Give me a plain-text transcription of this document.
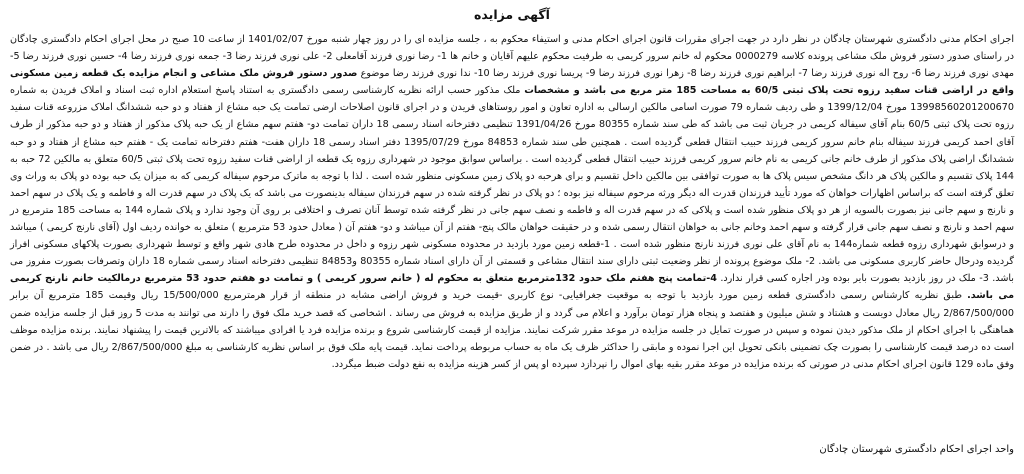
آگهی مزایده
اجرای احکام مدنی دادگستری شهرستان چادگان در نظر دارد در جهت اجرای مقررات قانون اجرای احکام مدنی و استیفاء محکوم به ، جلسه مزایده ای را در روز چهار شنبه مورخ 1401/02/07 از ساعت 10 صبح در محل اجرای احکام دادگستری چادگان در راستای صدور دستور فروش ملک مشاعی پرونده کلاسه 0000279 محکوم له خانم سرور کریمی به طرفیت محکوم علیهم آقایان و خانم ها 1- رضا نوری فرزند آقامعلی 2- علی نوری فرزند رضا 3- جمعه نوری فرزند رضا 4- حسین نوری فرزند رضا 5- مهدی نوری فرزند رضا 6- روح اله نوری فرزند رضا 7- ابراهیم نوری فرزند رضا 8- زهرا نوری فرزند رضا 9- پریسا نوری فرزند رضا 10- ندا نوری فرزند رضا موضوع صدور دستور فروش ملک مشاعی و انجام مزایده یک قطعه زمین مسکونی واقع در اراضی قنات سفید رزوه تحت پلاک ثبتی 60/5 به مساحت 185 متر مربع می باشد و مشخصات ملک مذکور حسب ارائه نظریه کارشناسی رسمی دادگستری به استناد پاسخ استعلام اداره ثبت اسناد و املاک فریدن به شماره 13998560201200670 مورخ 1399/12/04 و طی ردیف شماره 79 صورت اسامی مالکین ارسالی به اداره تعاون و امور روستاهای فریدن و در اجرای قانون اصلاحات ارضی تمامت یک حبه مشاع از هفتاد و دو حبه ششدانگ املاک مزروعه قنات سفید رزوه تحت پلاک ثبتی 60/5 بنام آقای سیفاله کریمی در جریان ثبت می باشد که طی سند شماره 80355 مورخ 1391/04/26 تنظیمی دفترخانه اسناد رسمی 18 داران تمامت دو- هفتم سهم مشاع از یک حبه پلاک مذکور از هفتاد و دو حبه مذکور از طرف آقای احمد کریمی فرزند سیفاله بنام خانم سرور کریمی فرزند حبیب انتقال قطعی گردیده است . همچنین طی سند شماره 84853 مورخ 1395/07/29 دفتر اسناد رسمی 18 داران هفت- هفتم دفترخانه تمامت یک - هفتم حبه مشاع از هفتاد و دو حبه ششدانگ اراضی پلاک مذکور از طرف خانم جانی کریمی به نام خانم سرور کریمی فرزند حبیب انتقال قطعی گردیده است . براساس سوابق موجود در شهرداری رزوه یک قطعه از اراضی قنات سفید رزوه تحت پلاک ثبتی 60/5 متعلق به مالکین 72 حبه به 144 پلاک تقسیم و مالکین پلاک هر دانگ مشخص سیس پلاک ها به صورت توافقی بین مالکین داخل تقسیم و برای هرحبه دو پلاک زمین مسکونی منظور شده است . لذا با توجه به ماترک مرحوم سیفاله کریمی که به میزان یک حبه بوده دو پلاک به وراث وی تعلق گرفته است که براساس اظهارات خواهان که مورد تأیید فرزندان قدرت اله دیگر ورثه مرحوم سیفاله نیز بوده ؛ دو پلاک در نظر گرفته شده در سهم فرزندان سیفاله بدینصورت می باشد که یک پلاک در سهم قدرت اله و فاطمه و یک پلاک در سهم احمد و نارنج و سهم جانی نیز بصورت بالسویه از هر دو پلاک منظور شده است و پلاکی که در سهم قدرت اله و فاطمه و نصف سهم جانی در نظر گرفته شده توسط آنان تصرف و اختلافی بر روی آن وجود ندارد و پلاک شماره 144 به مساحت 185 مترمربع در سهم احمد و نارنج و نصف سهم جانی قرار گرفته و سهم احمد وخانم جانی به خواهان انتقال رسمی شده و در حقیقت خواهان مالک پنج- هفتم از آن میباشد و دو- هفتم آن ( معادل حدود 53 مترمربع ) متعلق به خوانده ردیف اول (آقای نارنج کریمی ) میباشد و درسوابق شهرداری رزوه قطعه شماره144 به نام آقای علی نوری فرزند نارنج منظور شده است . 1-قطعه زمین مورد بازدید در محدوده مسکونی شهر رزوه و داخل در محدوده طرح هادی شهر واقع و توسط شهرداری بصورت پلاکهای مسکونی افراز گردیده ودرحال حاضر کاربری مسکونی می باشد. 2- ملک موضوع پرونده از نظر وضعیت ثبتی دارای سند انتقال مشاعی و قسمتی از آن دارای اسناد شماره 80355 و84853 تنظیمی دفترخانه اسناد رسمی شماره 18 داران وتصرفات بصورت مفروز می باشد. 3- ملک در روز بازدید بصورت بایر بوده ودر اجاره کسی قرار ندارد. 4-تمامت پنج هفتم ملک حدود 132مترمربع متعلق به محکوم له ( خانم سرور کریمی ) و تمامت دو هفتم حدود 53 مترمربع درمالکیت خانم نارنج کریمی می باشد. طبق نظریه کارشناس رسمی دادگستری قطعه زمین مورد بازدید با توجه به موقعیت جغرافیایی- نوع کاربری -قیمت خرید و فروش اراضی مشابه در منطقه از قرار هرمترمربع 15/500/000 ریال وقیمت 185 مترمربع آن برابر 2/867/500/000 ریال معادل دویست و هشتاد و شش میلیون و هفتصد و پنجاه هزار تومان برآورد و اعلام می گردد و از طریق مزایده به فروش می رساند . اشخاصی که قصد خرید ملک فوق را دارند می توانند به مدت 5 روز قبل از جلسه مزایده ضمن هماهنگی با اجرای احکام از ملک مذکور دیدن نموده و سپس در صورت تمایل در جلسه مزایده در موعد مقرر شرکت نمایند. مزایده از قیمت کارشناسی شروع و برنده مزایده فرد یا افرادی میباشند که بالاترین قیمت را پیشنهاد نمایند. برنده مزایده موظف است ده درصد قیمت کارشناسی را بصورت چک تضمینی بانکی تحویل این اجرا نموده و مابقی را حداکثر ظرف یک ماه به حساب مربوطه پرداخت نماید. قیمت پایه ملک فوق بر اساس نظریه کارشناسی به مبلغ 2/867/500/000 ریال می باشد . در ضمن وفق ماده 129 قانون اجرای احکام مدنی در صورتی که برنده مزایده در موعد مقرر بقیه بهای اموال را نپردازد سپرده او پس از کسر هزینه مزایده به نفع دولت ضبط میگردد.
واحد اجرای احکام دادگستری شهرستان چادگان
